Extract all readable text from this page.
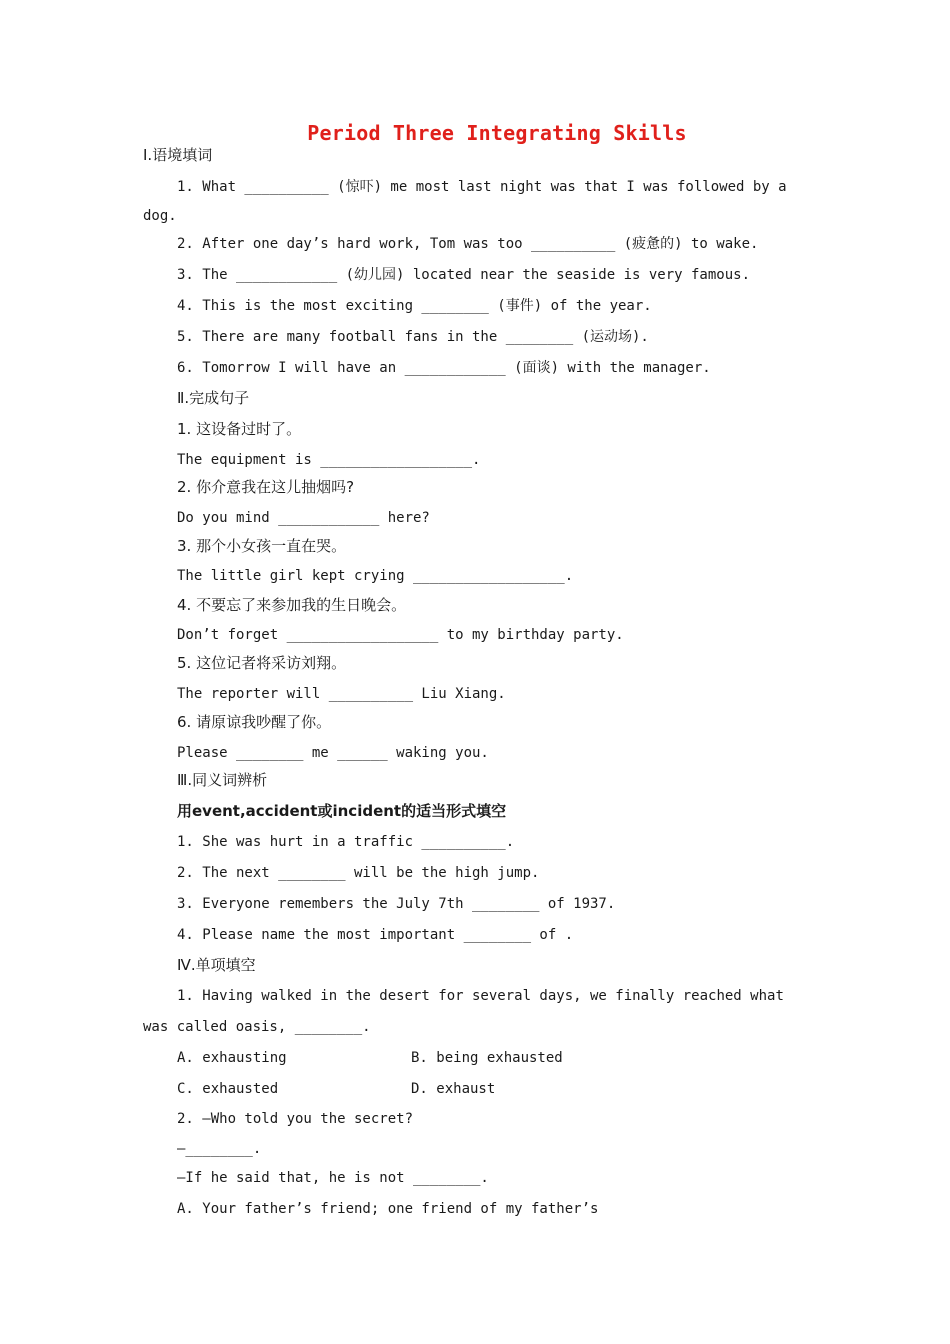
Period Three Integrating Skills
Ⅰ.语境填词
1. What __________ (惊吓) me most last night was that I was followed by a
dog.
2. After one day’s hard work, Tom was too __________ (疲惫的) to wake.
3. The ____________ (幼儿园) located near the seaside is very famous.
4. This is the most exciting ________ (事件) of the year.
5. There are many football fans in the ________ (运动场).
6. Tomorrow I will have an ____________ (面谈) with the manager.
Ⅱ.完成句子
1. 这设备过时了。
The equipment is __________________.
2. 你介意我在这儿抽烟吗?
Do you mind ____________ here?
3. 那个小女孩一直在哭。
The little girl kept crying __________________.
4. 不要忘了来参加我的生日晚会。
Don’t forget __________________ to my birthday party.
5. 这位记者将采访刘翔。
The reporter will __________ Liu Xiang.
6. 请原谅我吵醒了你。
Please ________ me ______ waking you.
Ⅲ.同义词辨析
用event,accident或incident的适当形式填空
1. She was hurt in a traffic __________.
2. The next ________ will be the high jump.
3. Everyone remembers the July 7th ________ of 1937.
4. Please name the most important ________ of .
Ⅳ.单项填空
1. Having walked in the desert for several days, we finally reached what
was called oasis, ________.
A. exhausting	B. being exhausted
C. exhausted	D. exhaust
2. —Who told you the secret?
—________.
—If he said that, he is not ________.
A. Your father’s friend; one friend of my father’s
